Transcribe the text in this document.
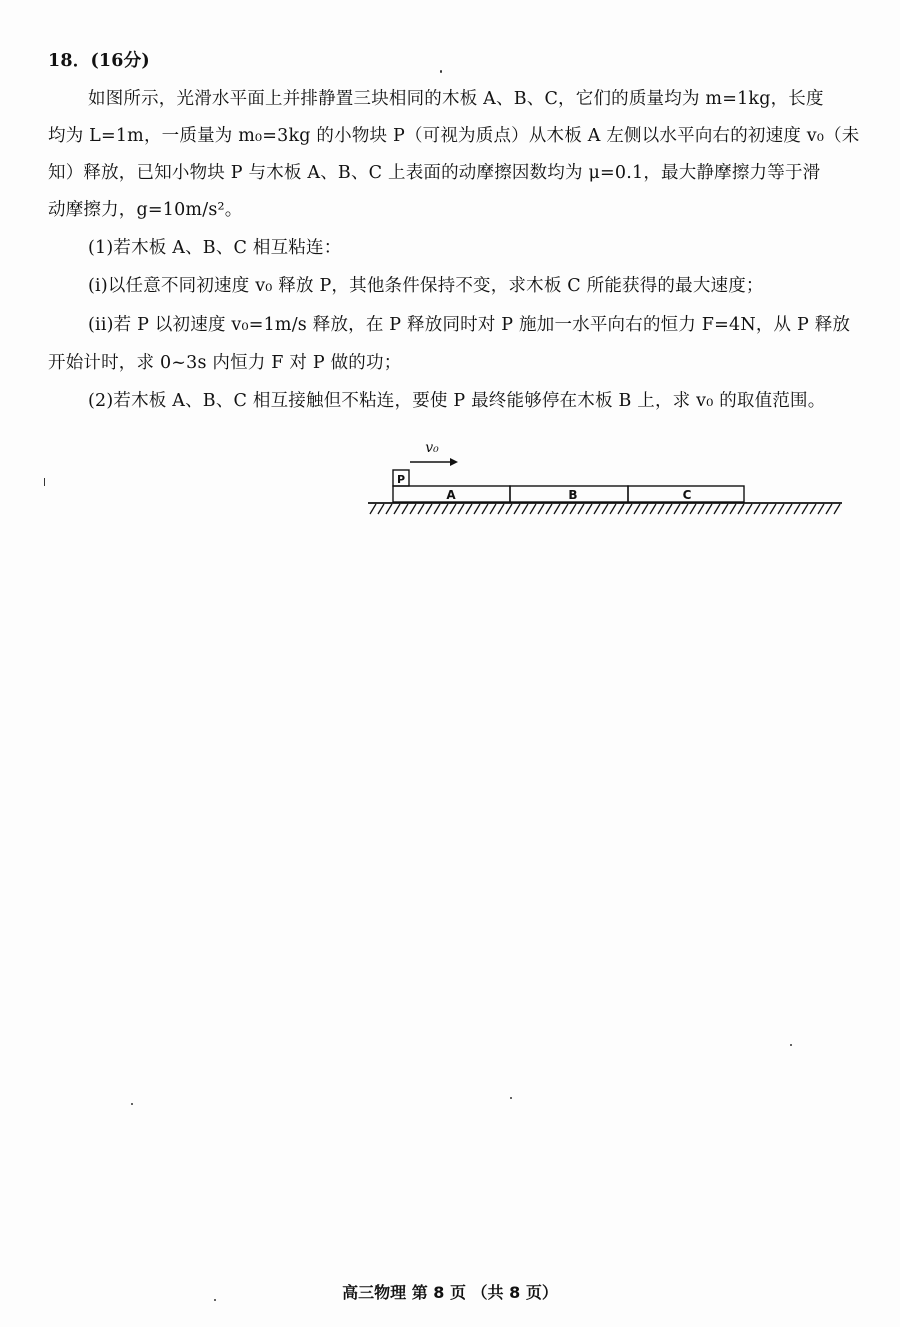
18．(16分)
如图所示，光滑水平面上并排静置三块相同的木板 A、B、C，它们的质量均为 m=1kg，长度
均为 L=1m，一质量为 m₀=3kg 的小物块 P（可视为质点）从木板 A 左侧以水平向右的初速度 v₀（未
知）释放，已知小物块 P 与木板 A、B、C 上表面的动摩擦因数均为 μ=0.1，最大静摩擦力等于滑
动摩擦力，g=10m/s²。
(1)若木板 A、B、C 相互粘连：
(i)以任意不同初速度 v₀ 释放 P，其他条件保持不变，求木板 C 所能获得的最大速度；
(ii)若 P 以初速度 v₀=1m/s 释放，在 P 释放同时对 P 施加一水平向右的恒力 F=4N，从 P 释放
开始计时，求 0~3s 内恒力 F 对 P 做的功；
(2)若木板 A、B、C 相互接触但不粘连，要使 P 最终能够停在木板 B 上，求 v₀ 的取值范围。
v₀
P
A	B	C
高三物理 第 8 页 （共 8 页）
